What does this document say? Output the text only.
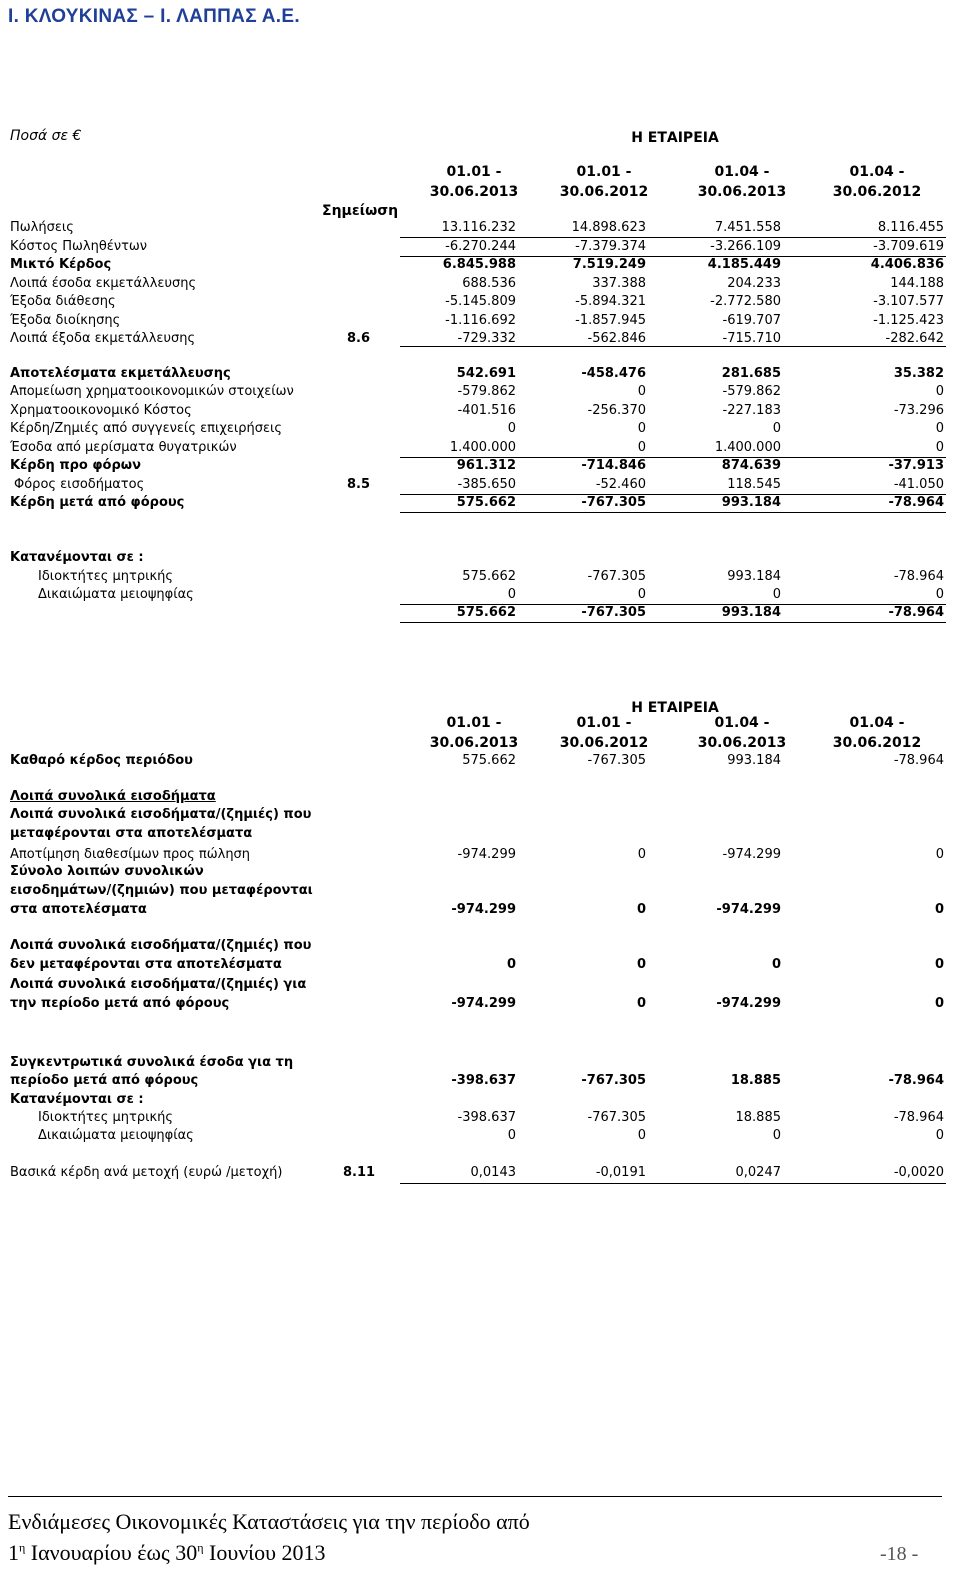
Ι. ΚΛΟΥΚΙΝΑΣ – Ι. ΛΑΠΠΑΣ Α.Ε.
Ποσά σε €	Η ΕΤΑΙΡΕΙΑ
01.01 -
30.06.2013
01.01 -
30.06.2012
01.04 -
30.06.2013
01.04 -
30.06.2012
Σημείωση
Πωλήσεις	13.116.232	14.898.623	7.451.558	8.116.455
Κόστος Πωληθέντων	-6.270.244	-7.379.374	-3.266.109	-3.709.619
Μικτό Κέρδος	6.845.988	7.519.249	4.185.449	4.406.836
Λοιπά έσοδα εκμετάλλευσης	688.536	337.388	204.233	144.188
Έξοδα διάθεσης	-5.145.809	-5.894.321	-2.772.580	-3.107.577
Έξοδα διοίκησης	-1.116.692	-1.857.945	-619.707	-1.125.423
Λοιπά έξοδα εκμετάλλευσης	8.6	-729.332	-562.846	-715.710	-282.642
Αποτελέσματα εκμετάλλευσης	542.691	-458.476	281.685	35.382
Απομείωση χρηματοοικονομικών στοιχείων	-579.862	0	-579.862	0
Χρηματοοικονομικό Κόστος	-401.516	-256.370	-227.183	-73.296
Κέρδη/Ζημιές από συγγενείς επιχειρήσεις	0	0	0	0
Έσοδα από μερίσματα θυγατρικών	1.400.000	0	1.400.000	0
Κέρδη προ φόρων	961.312	-714.846	874.639	-37.913
Φόρος εισοδήματος	8.5	-385.650	-52.460	118.545	-41.050
Κέρδη μετά από φόρους	575.662	-767.305	993.184	-78.964
Κατανέμονται σε :
Ιδιοκτήτες μητρικής	575.662	-767.305	993.184	-78.964
Δικαιώματα μειοψηφίας	0	0	0	0
575.662	-767.305	993.184	-78.964
Η ΕΤΑΙΡΕΙΑ
01.01 -
30.06.2013
01.01 -
30.06.2012
01.04 -
30.06.2013
01.04 -
30.06.2012
Καθαρό κέρδος περιόδου	575.662	-767.305	993.184	-78.964
Λοιπά συνολικά εισοδήματα
Λοιπά συνολικά εισοδήματα/(ζημιές) που
μεταφέρονται στα αποτελέσματα
Αποτίμηση διαθεσίμων προς πώληση	-974.299	0	-974.299	0
Σύνολο λοιπών συνολικών
εισοδημάτων/(ζημιών) που μεταφέρονται
στα αποτελέσματα	-974.299	0	-974.299	0
Λοιπά συνολικά εισοδήματα/(ζημιές) που
δεν μεταφέρονται στα αποτελέσματα	0	0	0	0
Λοιπά συνολικά εισοδήματα/(ζημιές) για
την περίοδο μετά από φόρους	-974.299	0	-974.299	0
Συγκεντρωτικά συνολικά έσοδα για τη
περίοδο μετά από φόρους	-398.637	-767.305	18.885	-78.964
Κατανέμονται σε :
Ιδιοκτήτες μητρικής	-398.637	-767.305	18.885	-78.964
Δικαιώματα μειοψηφίας	0	0	0	0
Βασικά κέρδη ανά μετοχή (ευρώ /μετοχή)	8.11	0,0143	-0,0191	0,0247	-0,0020
Ενδιάμεσες Οικονομικές Καταστάσεις για την περίοδο από
$1^\eta$ Ιανουαρίου έως $30^\eta$ Ιουνίου 2013	-18 -
